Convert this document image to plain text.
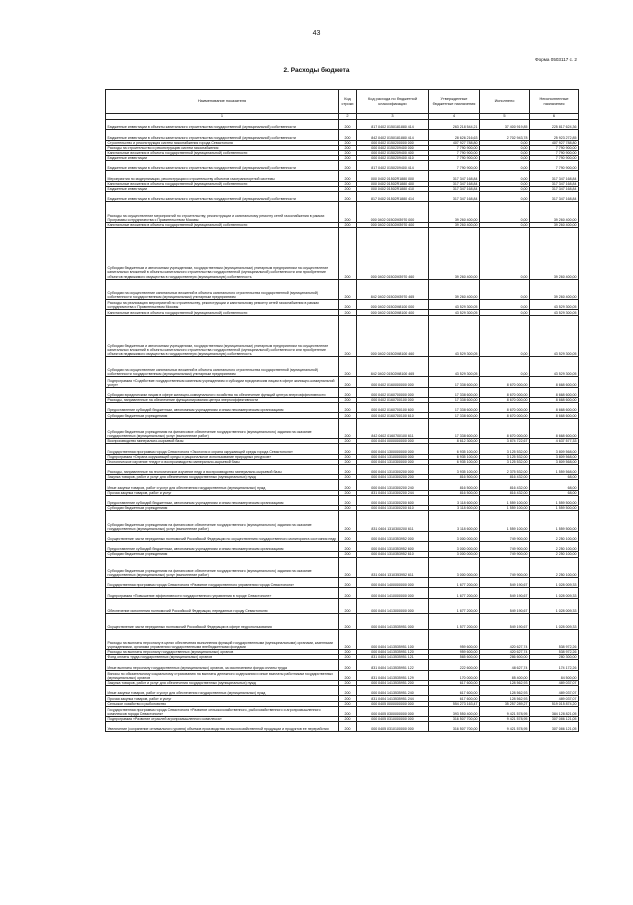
43
Форма 0503117 с. 2
2. Расходы бюджета
Наименование показателя	Код строки	Код расхода по бюджетной классификации	Утвержденные бюджетные назначения	Исполнено	Неисполненные назначения
1	2	3	4	5	6
Бюджетные инвестиции в объекты капитального строительства государственной (муниципальной) собственности	200	817 0402 0150181880 414	263 218 544,21	37 400 919,85	225 817 624,36
Бюджетные инвестиции в объекты капитального строительства государственной (муниципальной) собственности	200	842 0402 0150181880 414	28 626 216,63	2 702 943,78	25 923 272,85
Строительство и реконструкция систем газоснабжения города Севастополя	200	000 0402 0150200000 000	407 927 788,80	0,00	407 927 788,80
Расходы на строительство и реконструкцию систем газоснабжения	200	000 0402 0150209400 000	7 790 900,00	0,00	7 790 900,00
Капитальные вложения в объекты государственной (муниципальной) собственности	200	000 0402 0150209400 400	7 790 900,00	0,00	7 790 900,00
Бюджетные инвестиции	200	000 0402 0150209400 410	7 790 900,00	0,00	7 790 900,00
Бюджетные инвестиции в объекты капитального строительства государственной (муниципальной) собственности	200	817 0402 0150209400 414	7 790 900,00	0,00	7 790 900,00
Мероприятия по модернизации, реконструкции и строительству объектов газотранспортной системы	200	000 0402 01502R1880 000	317 347 168,84	0,00	317 347 168,84
Капитальные вложения в объекты государственной (муниципальной) собственности	200	000 0402 01502R1880 400	317 347 168,84	0,00	317 347 168,84
Бюджетные инвестиции	200	000 0402 01502R1880 410	317 347 168,84	0,00	317 347 168,84
Бюджетные инвестиции в объекты капитального строительства государственной (муниципальной) собственности	200	817 0402 01502R1880 414	317 347 168,84	0,00	317 347 168,84
Расходы на осуществление мероприятий по строительству, реконструкции и капитальному ремонту сетей газоснабжения в рамках Программы сотрудничества с Правительством Москвы	200	000 0402 01502M3970 000	39 260 400,00	0,00	39 260 400,00
Капитальные вложения в объекты государственной (муниципальной) собственности	200	000 0402 01502M3970 400	39 260 400,00	0,00	39 260 400,00
Субсидии бюджетным и автономным учреждениям, государственным (муниципальным) унитарным предприятиям на осуществление капитальных вложений в объекты капитального строительства государственной (муниципальной) собственности или приобретение объектов недвижимого имущества в государственную (муниципальную) собственность	200	000 0402 01502M3970 460	39 260 400,00	0,00	39 260 400,00
Субсидии на осуществление капитальных вложений в объекты капитального строительства государственной (муниципальной) собственности государственным (муниципальным) унитарным предприятиям	200	842 0402 01502M3970 465	39 260 400,00	0,00	39 260 400,00
Расходы на реализацию мероприятий по строительству, реконструкции и капитальному ремонту сетей газоснабжения в рамках сотрудничества с Правительством Москвы	200	000 0402 01502M8100 000	43 529 300,05	0,00	43 529 300,05
Капитальные вложения в объекты государственной (муниципальной) собственности	200	000 0402 01502M8100 400	43 529 300,05	0,00	43 529 300,05
Субсидии бюджетным и автономным учреждениям, государственным (муниципальным) унитарным предприятиям на осуществление капитальных вложений в объекты капитального строительства государственной (муниципальной) собственности или приобретение объектов недвижимого имущества в государственную (муниципальную) собственность	200	000 0402 01502M8100 460	43 529 300,05	0,00	43 529 300,05
Субсидии на осуществление капитальных вложений в объекты капитального строительства государственной (муниципальной) собственности государственным (муниципальным) унитарным предприятиям	200	842 0402 01502M8100 465	43 529 300,05	0,00	43 529 300,05
Подпрограмма «Содействие государственным казенным учреждениям и субсидии юридическим лицам в сфере жилищно-коммунальной услуг»	200	000 0402 0160000000 000	17 338 600,00	8 670 000,00	8 668 600,00
Субсидии юридическим лицам в сфере жилищно-коммунального хозяйства на обеспечение функций центра энергоэффективности	200	000 0402 0160700000 000	17 338 600,00	8 670 000,00	8 668 600,00
Расходы, направленные на обеспечение функционирования центра энергоэффективности	200	000 0402 0160700100 000	17 338 600,00	8 670 000,00	8 668 600,00
Предоставление субсидий бюджетным, автономным учреждениям и иным некоммерческим организациям	200	000 0402 0160700100 600	17 338 600,00	8 670 000,00	8 668 600,00
Субсидии бюджетным учреждениям	200	000 0402 0160700100 610	17 338 600,00	8 670 000,00	8 668 600,00
Субсидии бюджетным учреждениям на финансовое обеспечение государственного (муниципального) задания на оказание государственных (муниципальных) услуг (выполнение работ)	200	842 0402 0160700100 611	17 338 600,00	8 670 000,00	8 668 600,00
Воспроизводство минерально-сырьевой базы	200	000 0404 0000000000 000	8 612 300,00	3 874 722,67	4 637 577,33
Государственная программа города Севастополя «Экология и охрана окружающей среды города Севастополя»	200	000 0404 1300000000 000	6 935 100,00	3 125 532,00	3 809 568,00
Подпрограмма «Охрана окружающей среды и рациональное использование природных ресурсов»	200	000 0404 1310000000 000	6 935 100,00	3 125 532,00	3 809 568,00
Геологическое изучение «недр» и воспроизводство минерально-сырьевой базы	200	000 0404 1310300000 000	6 935 100,00	3 125 532,00	3 809 568,00
Расходы, направленные на геологическое изучение недр и воспроизводство минерально-сырьевой базы	200	000 0404 1310300200 000	3 935 100,00	2 375 532,00	1 559 568,00
Закупка товаров, работ и услуг для обеспечения государственных (муниципальных) нужд	200	000 0404 1310300200 200	816 500,00	816 432,00	68,00
Иные закупки товаров, работ и услуг для обеспечения государственных (муниципальных) нужд	200	000 0404 1310300200 240	816 500,00	816 432,00	68,00
Прочая закупка товаров, работ и услуг	200	831 0404 1310300200 244	816 500,00	816 432,00	68,00
Предоставление субсидий бюджетным, автономным учреждениям и иным некоммерческим организациям	200	000 0404 1310300200 600	3 118 600,00	1 559 100,00	1 559 500,00
Субсидии бюджетным учреждениям	200	000 0404 1310300200 610	3 118 600,00	1 559 100,00	1 559 500,00
Субсидии бюджетным учреждениям на финансовое обеспечение государственного (муниципального) задания на оказание государственных (муниципальных) услуг (выполнение работ)	200	831 0404 1310300200 611	3 118 600,00	1 559 100,00	1 559 500,00
Осуществление части переданных полномочий Российской Федерации по осуществлению государственного мониторинга состояния недр	200	000 0404 1310353952 000	3 000 000,00	749 900,00	2 250 100,00
Предоставление субсидий бюджетным, автономным учреждениям и иным некоммерческим организациям	200	000 0404 1310353952 600	3 000 000,00	749 900,00	2 250 100,00
Субсидии бюджетным учреждениям	200	000 0404 1310353952 610	3 000 000,00	749 900,00	2 250 100,00
Субсидии бюджетным учреждениям на финансовое обеспечение государственного (муниципального) задания на оказание государственных (муниципальных) услуг (выполнение работ)	200	831 0404 1310353952 611	3 000 000,00	749 900,00	2 250 100,00
Государственная программа города Севастополя «Развитие государственного управления города Севастополя»	200	000 0404 1400000000 000	1 677 200,00	549 190,67	1 028 009,33
Подпрограмма «Повышение эффективности государственного управления в городе Севастополе»	200	000 0404 1410000000 000	1 677 200,00	549 190,67	1 028 009,33
Обеспечение исполнения полномочий Российской Федерации, переданных городу Севастополю	200	000 0404 1413000000 000	1 677 200,00	549 190,67	1 028 009,33
Осуществление части переданных полномочий Российской Федерации в сфере недропользования	200	000 0404 1413535951 000	1 577 200,00	549 190,67	1 028 009,33
Расходы на выплаты персоналу в целях обеспечения выполнения функций государственными (муниципальными) органами, казенными учреждениями, органами управления государственными внебюджетными фондами	200	000 0404 1413535951 100	959 600,00	420 627,74	538 972,26
Расходы на выплаты персоналу государственных (муниципальных) органов	200	000 0404 1413535951 120	959 600,00	420 627,74	538 972,26
Фонд оплаты труда государственных (муниципальных) органов	200	831 0404 1413535951 121	565 600,00	286 600,00	280 300,00
Иные выплаты персоналу государственных (муниципальных) органов, за исключением фонда оплаты труда	200	831 0404 1413535951 122	222 600,00	48 627,74	174 172,26
Взносы по обязательному социальному страхованию на выплаты денежного содержания и иные выплаты работникам государственных (муниципальных) органов	200	831 0404 1413535951 129	170 000,00	85 400,00	84 500,00
Закупка товаров, работ и услуг для обеспечения государственных (муниципальных) нужд	200	000 0404 1413535951 200	617 600,00	128 562,93	489 037,07
Иные закупки товаров, работ и услуг для обеспечения государственных (муниципальных) нужд	200	000 0404 1413535951 240	617 600,00	128 562,93	489 037,07
Прочая закупка товаров, работ и услуг	200	831 0404 1413535951 244	617 600,00	128 562,93	489 037,07
Сельское хозяйство и рыболовство	200	000 0405 0000000000 000	554 273 163,47	35 257 289,27	519 015 874,20
Государственная программа города Севастополя «Развитие сельскохозяйственного, рыбохозяйственного и агропромышленного комплексов города Севастополя»	200	000 0405 0300000000 000	393 550 400,00	9 421 578,95	384 128 821,05
Подпрограмма «Развитие отраслей агропромышленного комплекса»	200	000 0405 0310000000 000	316 507 700,00	9 421 578,95	307 086 121,05
Увеличение (сохранение оптимального уровня) объемов производства сельскохозяйственной продукции и продуктов ее переработки	200	000 0405 0310100000 000	316 507 700,00	9 421 578,95	307 086 121,05
